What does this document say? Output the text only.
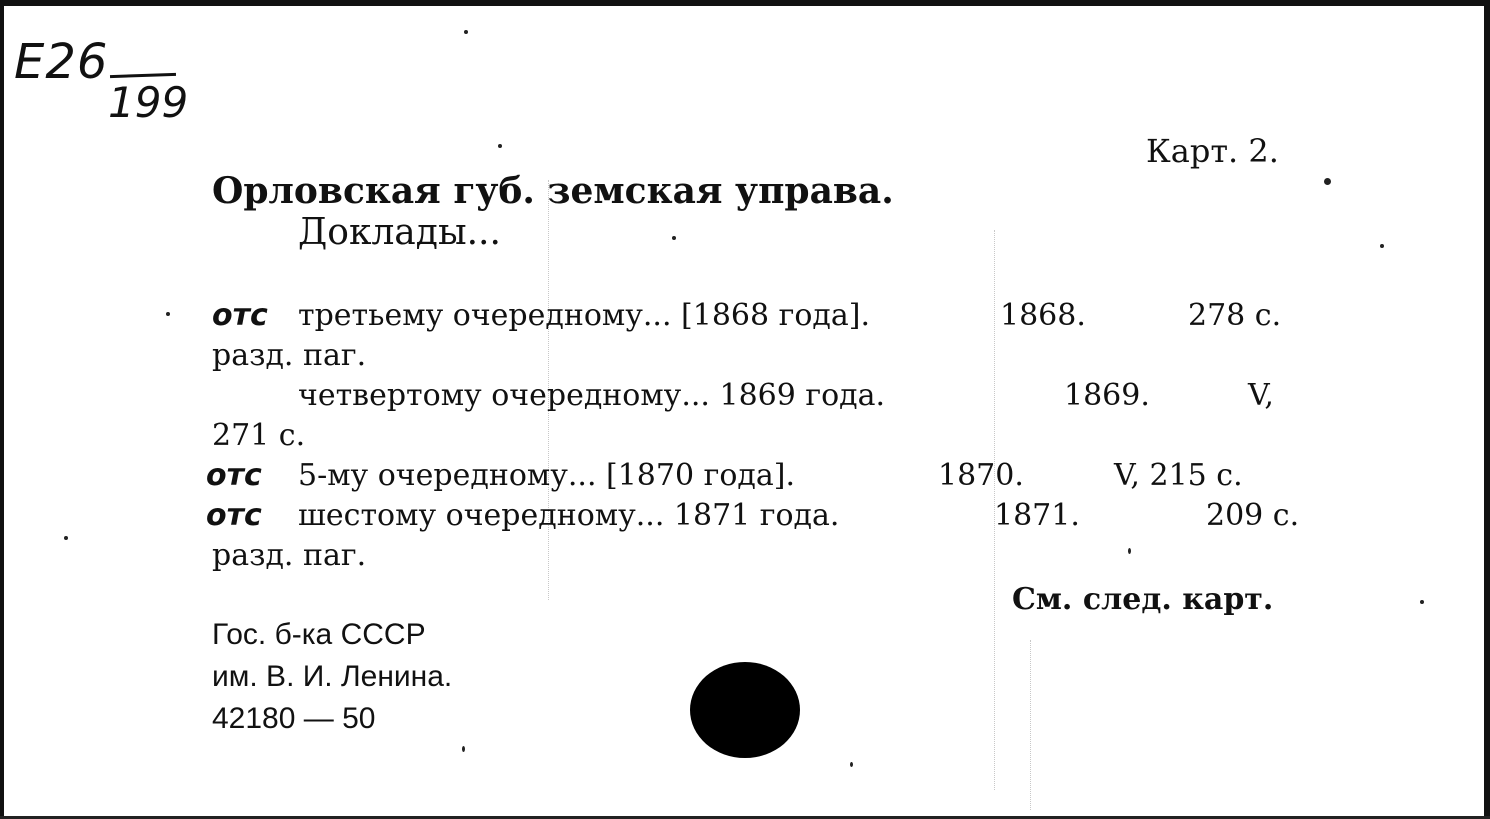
E26
199
Карт. 2.
Орловская губ. земская управа.
Доклады...
отс третьему очередному... [1868 года].	1868.	278 с.
разд. паг.
четвертому очередному... 1869 года.	1869.	V,
271 с.
отс 5-му очередному... [1870 года].	1870.	V, 215 с.
отс шестому очередному... 1871 года.	1871.	209 с.
разд. паг.
См. след. карт.
Гос. б-ка СССР
им. В. И. Ленина.
42180 — 50
